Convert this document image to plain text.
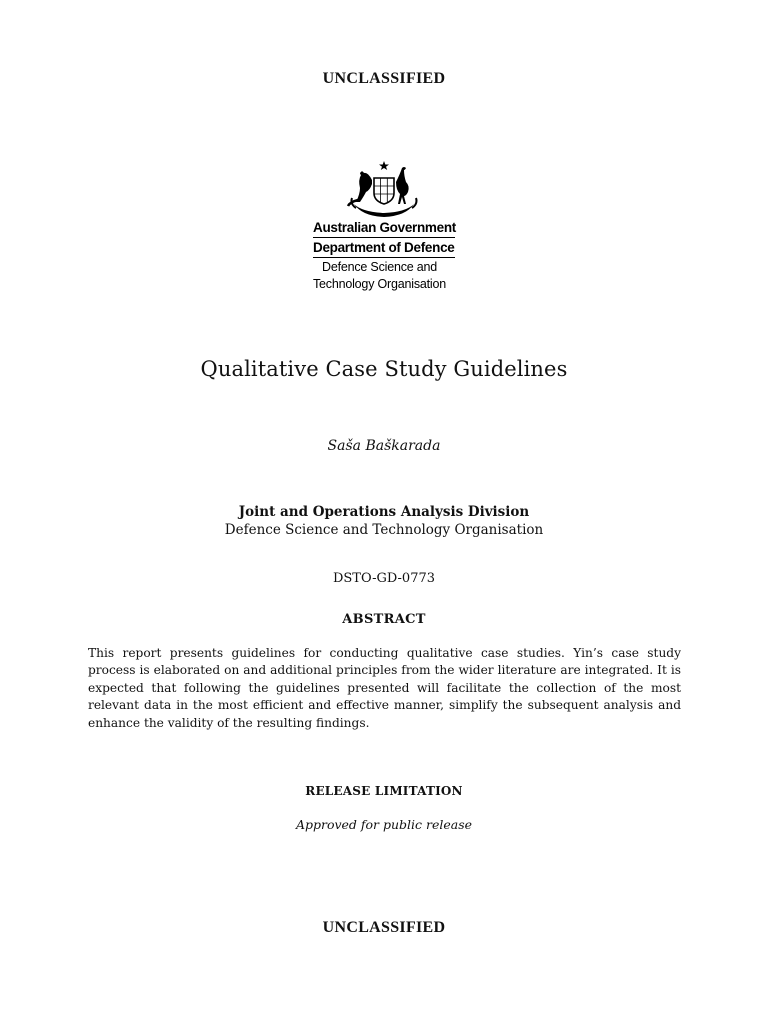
UNCLASSIFIED
Australian Government
Department of Defence
Defence Science and
Technology Organisation
Qualitative Case Study Guidelines
Saša Baškarada
Joint and Operations Analysis Division
Defence Science and Technology Organisation
DSTO-GD-0773
ABSTRACT
This report presents guidelines for conducting qualitative case studies. Yin’s case study process is elaborated on and additional principles from the wider literature are integrated. It is expected that following the guidelines presented will facilitate the collection of the most relevant data in the most efficient and effective manner, simplify the subsequent analysis and enhance the validity of the resulting findings.
RELEASE LIMITATION
Approved for public release
UNCLASSIFIED
